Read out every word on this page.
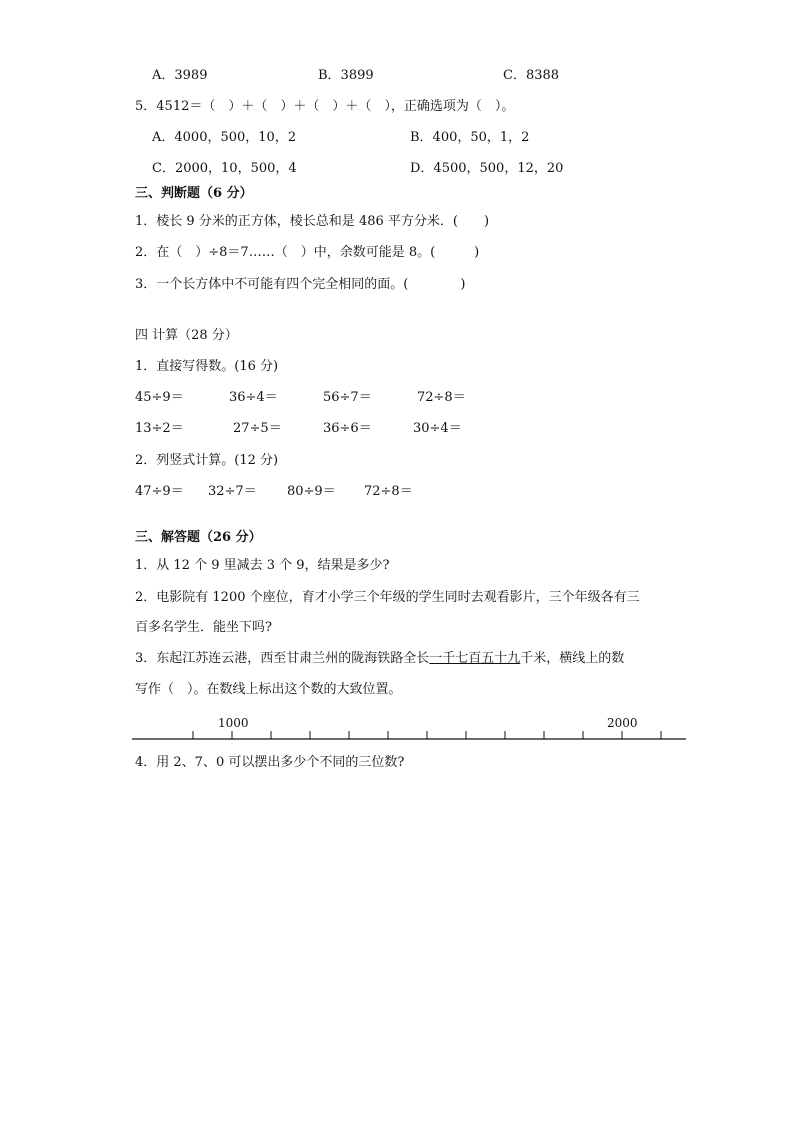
A．3989	B．3899	C．8388
5．4512＝（　）＋（　）＋（　）＋（　），正确选项为（　）。
A．4000，500，10，2	B．400，50，1，2
C．2000，10，500，4	D．4500，500，12，20
三、判断题（6 分）
1．棱长 9 分米的正方体，棱长总和是 486 平方分米．(　　)
2．在（　）÷8＝7……（　）中，余数可能是 8。(　　　)
3．一个长方体中不可能有四个完全相同的面。(　　　　)
四 计算（28 分）
1．直接写得数。(16 分)
45÷9＝	36÷4＝	56÷7＝	72÷8＝
13÷2＝	27÷5＝	36÷6＝	30÷4＝
2．列竖式计算。(12 分)
47÷9＝ 32÷7＝ 80÷9＝ 72÷8＝
三、解答题（26 分）
1．从 12 个 9 里减去 3 个 9，结果是多少?
2．电影院有 1200 个座位，育才小学三个年级的学生同时去观看影片，三个年级各有三
百多名学生．能坐下吗?
3．东起江苏连云港，西至甘肃兰州的陇海铁路全长一千七百五十九千米，横线上的数
写作（　）。在数线上标出这个数的大致位置。
1000	2000
4．用 2、7、0 可以摆出多少个不同的三位数?
